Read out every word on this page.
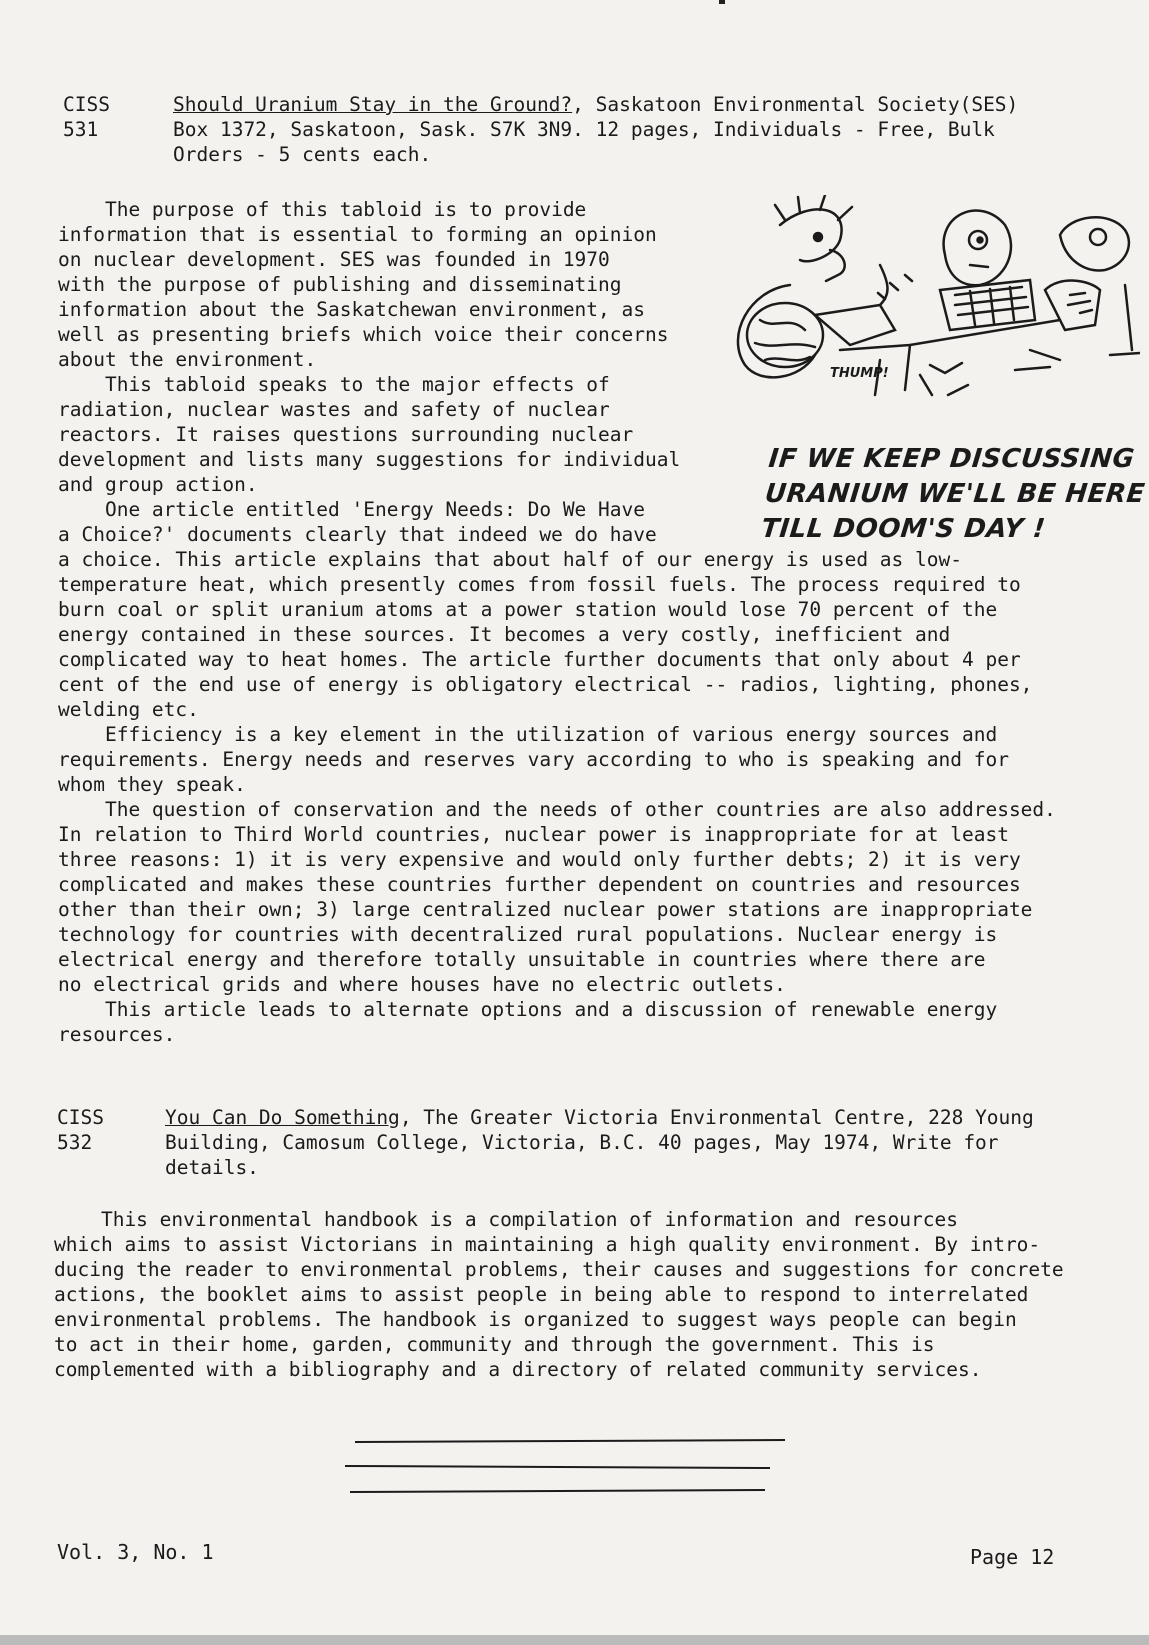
CISS
531
Should Uranium Stay in the Ground?, Saskatoon Environmental Society(SES)
Box 1372, Saskatoon, Sask. S7K 3N9. 12 pages, Individuals - Free, Bulk
Orders - 5 cents each.

The purpose of this tabloid is to provide

information that is essential to forming an opinion

on nuclear development. SES was founded in 1970

with the purpose of publishing and disseminating

information about the Saskatchewan environment, as

well as presenting briefs which voice their concerns

about the environment.

This tabloid speaks to the major effects of

radiation, nuclear wastes and safety of nuclear

reactors. It raises questions surrounding nuclear

development and lists many suggestions for individual

and group action.

One article entitled 'Energy Needs: Do We Have

a Choice?' documents clearly that indeed we do have

a choice. This article explains that about half of our energy is used as low-

temperature heat, which presently comes from fossil fuels. The process required to

burn coal or split uranium atoms at a power station would lose 70 percent of the

energy contained in these sources. It becomes a very costly, inefficient and

complicated way to heat homes. The article further documents that only about 4 per

cent of the end use of energy is obligatory electrical -- radios, lighting, phones,

welding etc.

Efficiency is a key element in the utilization of various energy sources and

requirements. Energy needs and reserves vary according to who is speaking and for

whom they speak.

The question of conservation and the needs of other countries are also addressed.

In relation to Third World countries, nuclear power is inappropriate for at least

three reasons: 1) it is very expensive and would only further debts; 2) it is very

complicated and makes these countries further dependent on countries and resources

other than their own; 3) large centralized nuclear power stations are inappropriate

technology for countries with decentralized rural populations. Nuclear energy is

electrical energy and therefore totally unsuitable in countries where there are

no electrical grids and where houses have no electric outlets.

This article leads to alternate options and a discussion of renewable energy

resources.

THUMP!
IF WE KEEP DISCUSSING
URANIUM WE'LL BE HERE
TILL DOOM'S DAY !
CISS
532
You Can Do Something, The Greater Victoria Environmental Centre, 228 Young
Building, Camosum College, Victoria, B.C. 40 pages, May 1974, Write for
details.

This environmental handbook is a compilation of information and resources

which aims to assist Victorians in maintaining a high quality environment. By intro-

ducing the reader to environmental problems, their causes and suggestions for concrete

actions, the booklet aims to assist people in being able to respond to interrelated

environmental problems. The handbook is organized to suggest ways people can begin

to act in their home, garden, community and through the government. This is

complemented with a bibliography and a directory of related community services.

Vol. 3, No. 1	Page 12
